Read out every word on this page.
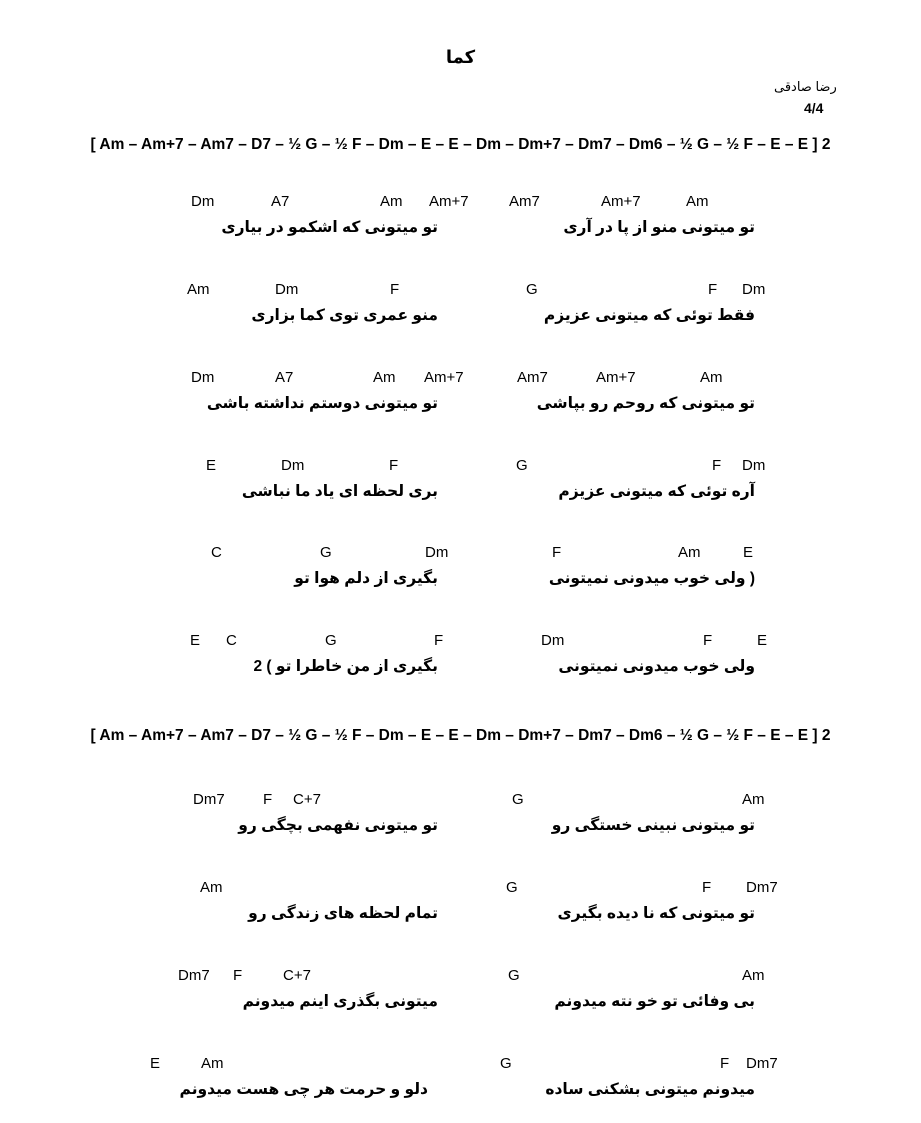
کما
رضا صادقی
4/4
[ Am – Am+7 – Am7 – D7 – ½ G – ½ F – Dm – E – E – Dm – Dm+7 – Dm7 – Dm6 – ½ G – ½ F – E – E ] 2
Dm	A7	Am Am+7	Am7	Am+7	Am
تو میتونی که اشکمو در بیاری	تو میتونی منو از پا در آری
Am	Dm	F	G	F Dm
منو عمری توی کما بزاری	فقط توئی که میتونی عزیزم
Dm	A7	Am Am+7	Am7	Am+7	Am
تو میتونی دوستم نداشته باشی	تو میتونی که روحم رو بپاشی
E	Dm	F	G	F Dm
بری لحظه ای یاد ما نباشی	آره توئی که میتونی عزیزم
C	G	Dm	F	Am	E
بگیری از دلم هوا تو	( ولی خوب میدونی نمیتونی
E C	G	F	Dm	F	E
بگیری از من خاطرا تو ) 2	ولی خوب میدونی نمیتونی
[ Am – Am+7 – Am7 – D7 – ½ G – ½ F – Dm – E – E – Dm – Dm+7 – Dm7 – Dm6 – ½ G – ½ F – E – E ] 2
Dm7	F C+7	G	Am
تو میتونی نفهمی بچگی رو	تو میتونی نبینی خستگی رو
Am	G	F Dm7
تمام لحظه های زندگی رو	تو میتونی که نا دیده بگیری
Dm7 F	C+7	G	Am
میتونی بگذری اینم میدونم	بی وفائی تو خو نته میدونم
E	Am	G	F Dm7
دلو و حرمت هر چی هست میدونم	میدونم میتونی بشکنی ساده
